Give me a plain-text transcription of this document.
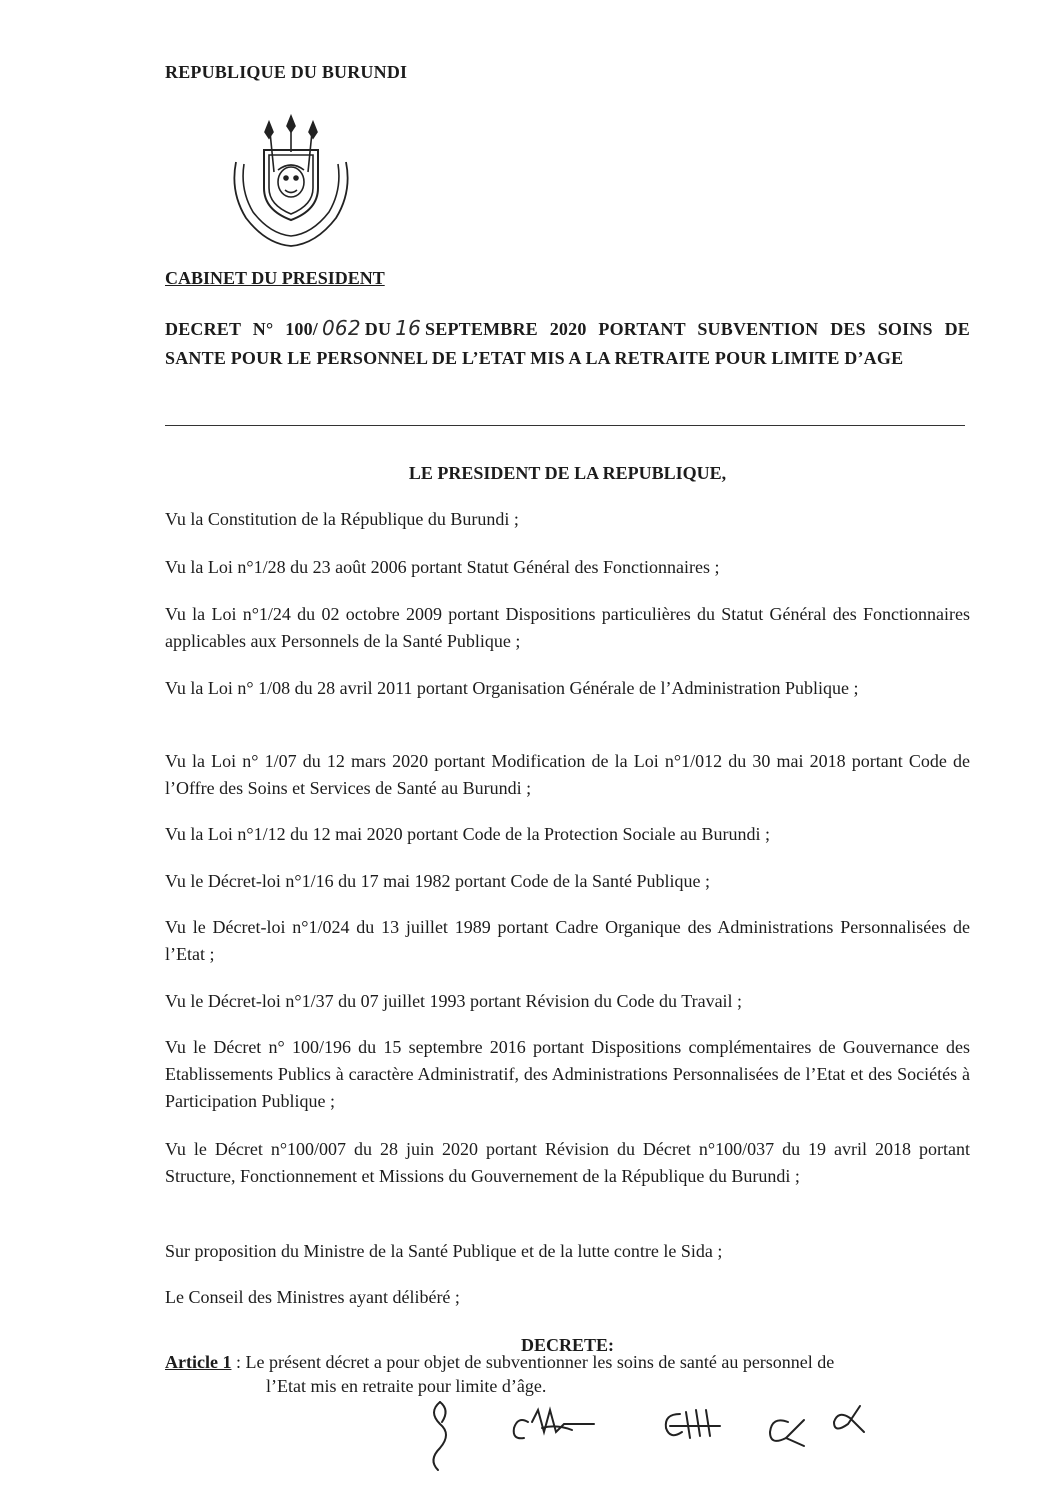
REPUBLIQUE DU BURUNDI
CABINET DU PRESIDENT
DECRET N° 100/ 062 DU 16 SEPTEMBRE 2020 PORTANT SUBVENTION DES SOINS DE SANTE POUR LE PERSONNEL DE L’ETAT MIS A LA RETRAITE POUR LIMITE D’AGE
LE PRESIDENT DE LA REPUBLIQUE,
Vu la Constitution de la République du Burundi ;
Vu la Loi n°1/28 du 23 août 2006 portant Statut Général des Fonctionnaires ;
Vu la Loi n°1/24 du 02 octobre 2009 portant Dispositions particulières du Statut Général des Fonctionnaires applicables aux Personnels de la Santé Publique ;
Vu la Loi n° 1/08 du 28 avril 2011 portant Organisation Générale de l’Administration Publique ;
Vu la Loi n° 1/07 du 12 mars 2020 portant Modification de la Loi n°1/012 du 30 mai 2018 portant Code de l’Offre des Soins et Services de Santé au Burundi ;
Vu la Loi n°1/12 du 12 mai 2020 portant Code de la Protection Sociale au Burundi ;
Vu le Décret-loi n°1/16 du 17 mai 1982 portant Code de la Santé Publique ;
Vu le Décret-loi n°1/024 du 13 juillet 1989 portant Cadre Organique des Administrations Personnalisées de l’Etat ;
Vu le Décret-loi n°1/37 du 07 juillet 1993 portant Révision du Code du Travail ;
Vu le Décret n° 100/196 du 15 septembre 2016 portant Dispositions complémentaires de Gouvernance des Etablissements Publics à caractère Administratif, des Administrations Personnalisées de l’Etat et des Sociétés à Participation Publique ;
Vu le Décret n°100/007 du 28 juin 2020 portant Révision du Décret n°100/037 du 19 avril 2018 portant Structure, Fonctionnement et Missions du Gouvernement de la République du Burundi ;
Sur proposition du Ministre de la Santé Publique et de la lutte contre le Sida ;
Le Conseil des Ministres ayant délibéré ;
DECRETE:
Article 1 : Le présent décret a pour objet de subventionner les soins de santé au personnel de
l’Etat mis en retraite pour limite d’âge.
